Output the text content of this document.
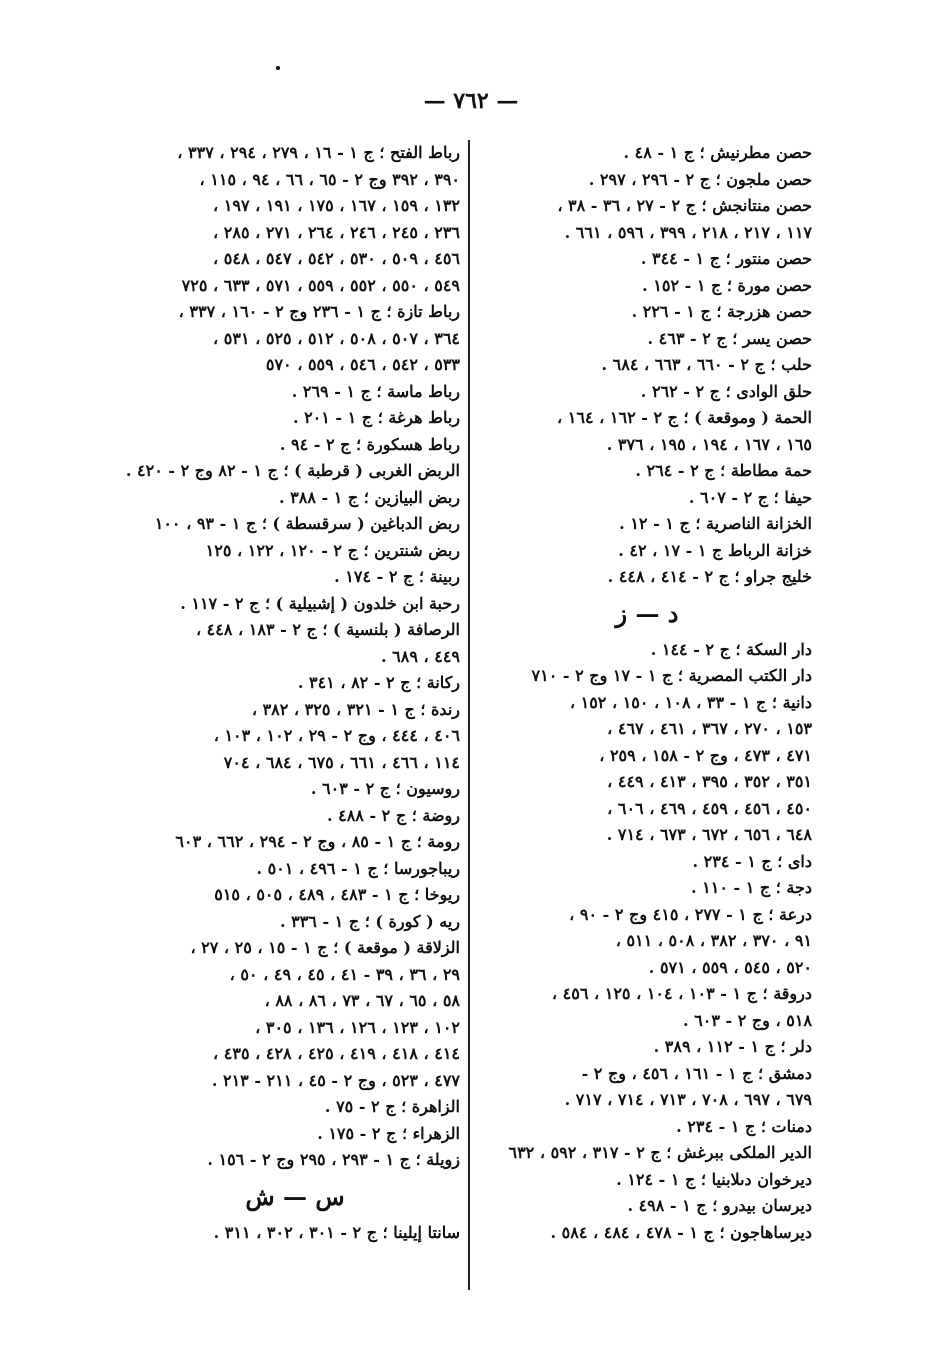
— ٧٦٢ —
حصن مطرنيش ؛ ج ١ - ٤٨ .
حصن ملجون ؛ ج ٢ - ٢٩٦ ، ٢٩٧ .
حصن منتانجش ؛ ج ٢ - ٢٧ ، ٣٦ - ٣٨ ،
١١٧ ، ٢١٧ ، ٢١٨ ، ٣٩٩ ، ٥٩٦ ، ٦٦١ .
حصن منتور ؛ ج ١ - ٣٤٤ .
حصن مورة ؛ ج ١ - ١٥٢ .
حصن هزرجة ؛ ج ١ - ٢٢٦ .
حصن يسر ؛ ج ٢ - ٤٦٣ .
حلب ؛ ج ٢ - ٦٦٠ ، ٦٦٣ ، ٦٨٤ .
حلق الوادى ؛ ج ٢ - ٢٦٢ .
الحمة ( وموقعة ) ؛ ج ٢ - ١٦٢ ، ١٦٤ ،
١٦٥ ، ١٦٧ ، ١٩٤ ، ١٩٥ ، ٣٧٦ .
حمة مطاطة ؛ ج ٢ - ٢٦٤ .
حيفا ؛ ج ٢ - ٦٠٧ .
الخزانة الناصرية ؛ ج ١ - ١٢ .
خزانة الرباط ج ١ - ١٧ ، ٤٢ .
خليج جراو ؛ ج ٢ - ٤١٤ ، ٤٤٨ .
د — ز
دار السكة ؛ ج ٢ - ١٤٤ .
دار الكتب المصرية ؛ ج ١ - ١٧ وج ٢ - ٧١٠
دانية ؛ ج ١ - ٣٣ ، ١٠٨ ، ١٥٠ ، ١٥٢ ،
١٥٣ ، ٢٧٠ ، ٣٦٧ ، ٤٦١ ، ٤٦٧ ،
٤٧١ ، ٤٧٣ ، وج ٢ - ١٥٨ ، ٢٥٩ ،
٣٥١ ، ٣٥٢ ، ٣٩٥ ، ٤١٣ ، ٤٤٩ ،
٤٥٠ ، ٤٥٦ ، ٤٥٩ ، ٤٦٩ ، ٦٠٦ ،
٦٤٨ ، ٦٥٦ ، ٦٧٢ ، ٦٧٣ ، ٧١٤ .
داى ؛ ج ١ - ٢٣٤ .
دجة ؛ ج ١ - ١١٠ .
درعة ؛ ج ١ - ٢٧٧ ، ٤١٥ وج ٢ - ٩٠ ،
٩١ ، ٣٧٠ ، ٣٨٢ ، ٥٠٨ ، ٥١١ ،
٥٢٠ ، ٥٤٥ ، ٥٥٩ ، ٥٧١ .
دروقة ؛ ج ١ - ١٠٣ ، ١٠٤ ، ١٢٥ ، ٤٥٦ ،
٥١٨ ، وج ٢ - ٦٠٣ .
دلر ؛ ج ١ - ١١٢ ، ٣٨٩ .
دمشق ؛ ج ١ - ١٦١ ، ٤٥٦ ، وج ٢ -
٦٧٩ ، ٦٩٧ ، ٧٠٨ ، ٧١٣ ، ٧١٤ ، ٧١٧ .
دمنات ؛ ج ١ - ٢٣٤ .
الدير الملكى ببرغش ؛ ج ٢ - ٣١٧ ، ٥٩٢ ، ٦٣٢
ديرخوان دىلابنيا ؛ ج ١ - ١٢٤ .
ديرسان بيدرو ؛ ج ١ - ٤٩٨ .
ديرساهاجون ؛ ج ١ - ٤٧٨ ، ٤٨٤ ، ٥٨٤ .
رباط الفتح ؛ ج ١ - ١٦ ، ٢٧٩ ، ٢٩٤ ، ٣٣٧ ،
٣٩٠ ، ٣٩٢ وج ٢ - ٦٥ ، ٦٦ ، ٩٤ ، ١١٥ ،
١٣٢ ، ١٥٩ ، ١٦٧ ، ١٧٥ ، ١٩١ ، ١٩٧ ،
٢٣٦ ، ٢٤٥ ، ٢٤٦ ، ٢٦٤ ، ٢٧١ ، ٢٨٥ ،
٤٥٦ ، ٥٠٩ ، ٥٣٠ ، ٥٤٢ ، ٥٤٧ ، ٥٤٨ ،
٥٤٩ ، ٥٥٠ ، ٥٥٢ ، ٥٥٩ ، ٥٧١ ، ٦٣٣ ، ٧٢٥
رباط تازة ؛ ج ١ - ٢٣٦ وج ٢ - ١٦٠ ، ٣٣٧ ،
٣٦٤ ، ٥٠٧ ، ٥٠٨ ، ٥١٢ ، ٥٢٥ ، ٥٣١ ،
٥٣٣ ، ٥٤٢ ، ٥٤٦ ، ٥٥٩ ، ٥٧٠
رباط ماسة ؛ ج ١ - ٢٦٩ .
رباط هرغة ؛ ج ١ - ٢٠١ .
رباط هسكورة ؛ ج ٢ - ٩٤ .
الربض الغربى ( قرطبة ) ؛ ج ١ - ٨٢ وج ٢ - ٤٢٠ .
ربض البيازين ؛ ج ١ - ٣٨٨ .
ربض الدباغين ( سرقسطة ) ؛ ج ١ - ٩٣ ، ١٠٠
ربض شنترين ؛ ج ٢ - ١٢٠ ، ١٢٢ ، ١٢٥
ربينة ؛ ج ٢ - ١٧٤ .
رحبة ابن خلدون ( إشبيلية ) ؛ ج ٢ - ١١٧ .
الرصافة ( بلنسية ) ؛ ج ٢ - ١٨٣ ، ٤٤٨ ،
٤٤٩ ، ٦٨٩ .
ركانة ؛ ج ٢ - ٨٢ ، ٣٤١ .
رندة ؛ ج ١ - ٣٢١ ، ٣٢٥ ، ٣٨٢ ،
٤٠٦ ، ٤٤٤ ، وج ٢ - ٢٩ ، ١٠٢ ، ١٠٣ ،
١١٤ ، ٤٦٦ ، ٦٦١ ، ٦٧٥ ، ٦٨٤ ، ٧٠٤
روسيون ؛ ج ٢ - ٦٠٣ .
روضة ؛ ج ٢ - ٤٨٨ .
رومة ؛ ج ١ - ٨٥ ، وج ٢ - ٢٩٤ ، ٦٦٢ ، ٦٠٣
ريباجورسا ؛ ج ١ - ٤٩٦ ، ٥٠١ .
ريوخا ؛ ج ١ - ٤٨٣ ، ٤٨٩ ، ٥٠٥ ، ٥١٥
ريه ( كورة ) ؛ ج ١ - ٣٣٦ .
الزلاقة ( موقعة ) ؛ ج ١ - ١٥ ، ٢٥ ، ٢٧ ،
٢٩ ، ٣٦ ، ٣٩ - ٤١ ، ٤٥ ، ٤٩ ، ٥٠ ،
٥٨ ، ٦٥ ، ٦٧ ، ٧٣ ، ٨٦ ، ٨٨ ،
١٠٢ ، ١٢٣ ، ١٢٦ ، ١٣٦ ، ٣٠٥ ،
٤١٤ ، ٤١٨ ، ٤١٩ ، ٤٢٥ ، ٤٢٨ ، ٤٣٥ ،
٤٧٧ ، ٥٢٣ ، وج ٢ - ٤٥ ، ٢١١ - ٢١٣ .
الزاهرة ؛ ج ٢ - ٧٥ .
الزهراء ؛ ج ٢ - ١٧٥ .
زويلة ؛ ج ١ - ٢٩٣ ، ٢٩٥ وج ٢ - ١٥٦ .
س — ش
سانتا إيلينا ؛ ج ٢ - ٣٠١ ، ٣٠٢ ، ٣١١ .
